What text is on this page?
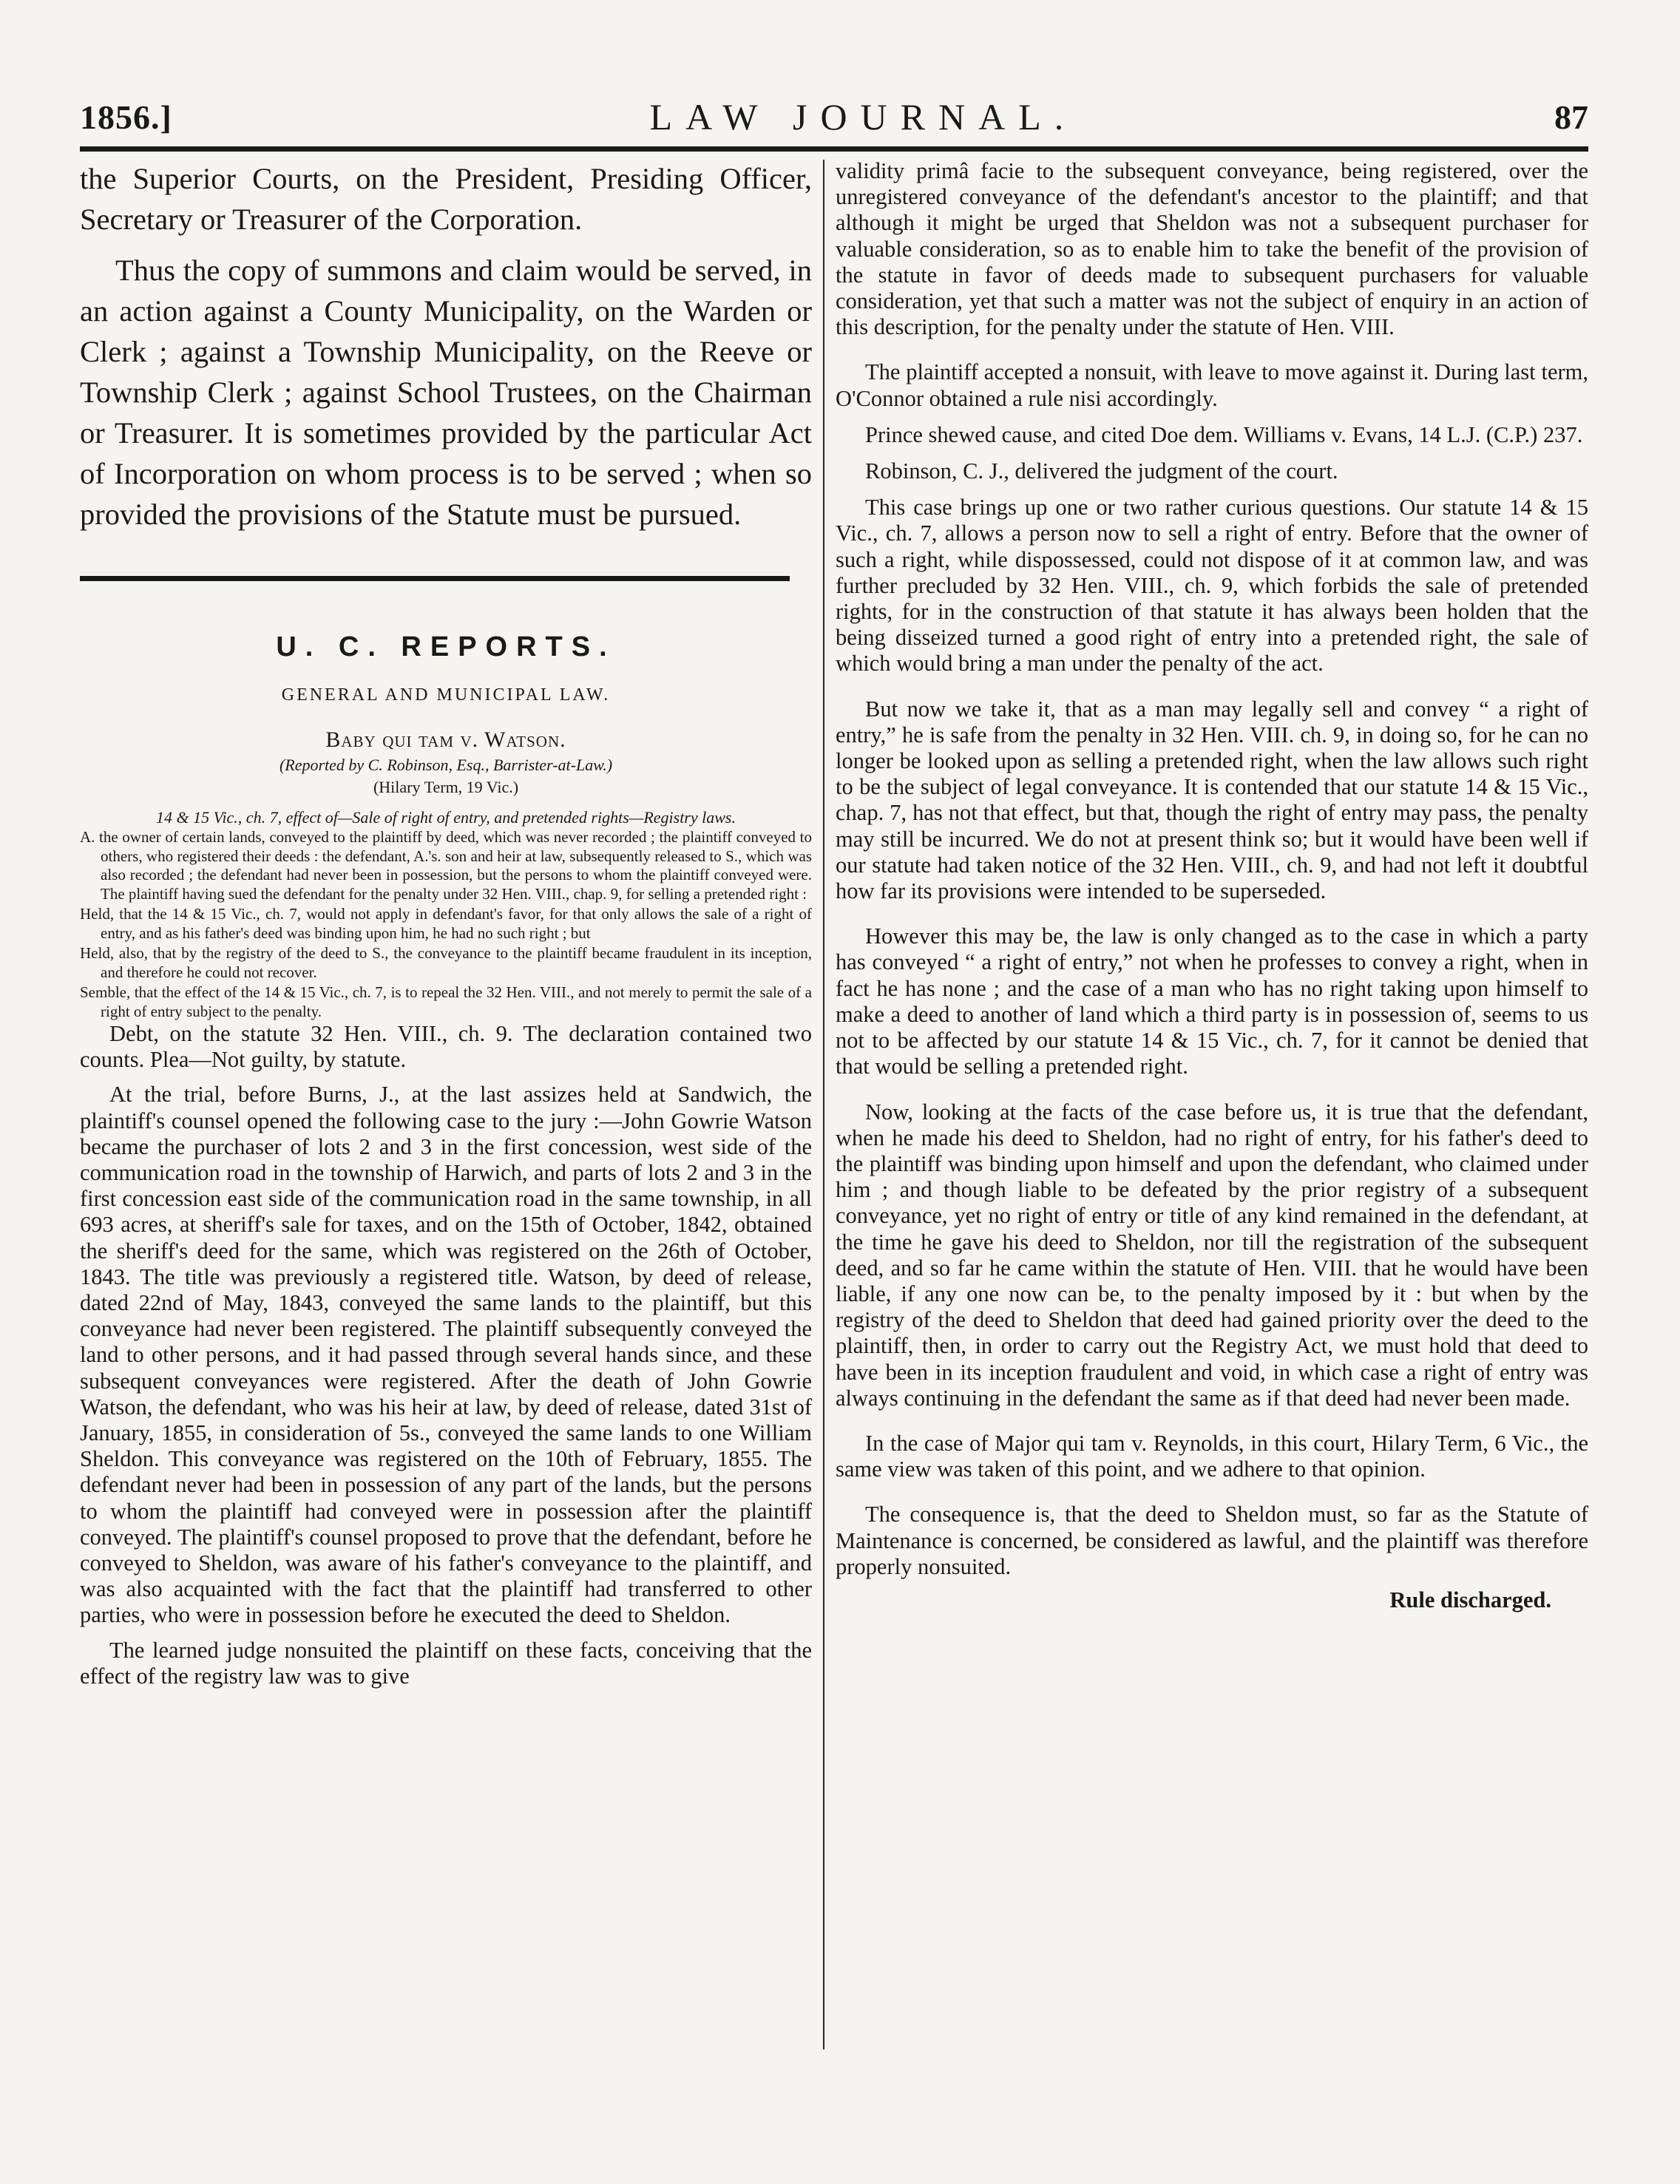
1856.]	LAW JOURNAL.	87

the Superior Courts, on the President, Presiding Officer, Secretary or Treasurer of the Corporation.

Thus the copy of summons and claim would be served, in an action against a County Municipality, on the Warden or Clerk ; against a Township Municipality, on the Reeve or Township Clerk ; against School Trustees, on the Chairman or Treasurer. It is sometimes provided by the particular Act of Incorporation on whom process is to be served ; when so provided the provisions of the Statute must be pursued.

U. C. REPORTS.
GENERAL AND MUNICIPAL LAW.
Baby qui tam v. Watson.
(Reported by C. Robinson, Esq., Barrister-at-Law.)
(Hilary Term, 19 Vic.)
14 & 15 Vic., ch. 7, effect of—Sale of right of entry, and pretended rights—Registry laws.

A. the owner of certain lands, conveyed to the plaintiff by deed, which was never recorded ; the plaintiff conveyed to others, who registered their deeds : the defendant, A.'s. son and heir at law, subsequently released to S., which was also recorded ; the defendant had never been in possession, but the persons to whom the plaintiff conveyed were. The plaintiff having sued the defendant for the penalty under 32 Hen. VIII., chap. 9, for selling a pretended right :

Held, that the 14 & 15 Vic., ch. 7, would not apply in defendant's favor, for that only allows the sale of a right of entry, and as his father's deed was binding upon him, he had no such right ; but

Held, also, that by the registry of the deed to S., the conveyance to the plaintiff became fraudulent in its inception, and therefore he could not recover.

Semble, that the effect of the 14 & 15 Vic., ch. 7, is to repeal the 32 Hen. VIII., and not merely to permit the sale of a right of entry subject to the penalty.

Debt, on the statute 32 Hen. VIII., ch. 9. The declaration contained two counts. Plea—Not guilty, by statute.

At the trial, before Burns, J., at the last assizes held at Sandwich, the plaintiff's counsel opened the following case to the jury :—John Gowrie Watson became the purchaser of lots 2 and 3 in the first concession, west side of the communication road in the township of Harwich, and parts of lots 2 and 3 in the first concession east side of the communication road in the same township, in all 693 acres, at sheriff's sale for taxes, and on the 15th of October, 1842, obtained the sheriff's deed for the same, which was registered on the 26th of October, 1843. The title was previously a registered title. Watson, by deed of release, dated 22nd of May, 1843, conveyed the same lands to the plaintiff, but this conveyance had never been registered. The plaintiff subsequently conveyed the land to other persons, and it had passed through several hands since, and these subsequent conveyances were registered. After the death of John Gowrie Watson, the defendant, who was his heir at law, by deed of release, dated 31st of January, 1855, in consideration of 5s., conveyed the same lands to one William Sheldon. This conveyance was registered on the 10th of February, 1855. The defendant never had been in possession of any part of the lands, but the persons to whom the plaintiff had conveyed were in possession after the plaintiff conveyed. The plaintiff's counsel proposed to prove that the defendant, before he conveyed to Sheldon, was aware of his father's conveyance to the plaintiff, and was also acquainted with the fact that the plaintiff had transferred to other parties, who were in possession before he executed the deed to Sheldon.

The learned judge nonsuited the plaintiff on these facts, conceiving that the effect of the registry law was to give

validity primâ facie to the subsequent conveyance, being registered, over the unregistered conveyance of the defendant's ancestor to the plaintiff; and that although it might be urged that Sheldon was not a subsequent purchaser for valuable consideration, so as to enable him to take the benefit of the provision of the statute in favor of deeds made to subsequent purchasers for valuable consideration, yet that such a matter was not the subject of enquiry in an action of this description, for the penalty under the statute of Hen. VIII.

The plaintiff accepted a nonsuit, with leave to move against it. During last term, O'Connor obtained a rule nisi accordingly.

Prince shewed cause, and cited Doe dem. Williams v. Evans, 14 L.J. (C.P.) 237.

Robinson, C. J., delivered the judgment of the court.

This case brings up one or two rather curious questions. Our statute 14 & 15 Vic., ch. 7, allows a person now to sell a right of entry. Before that the owner of such a right, while dispossessed, could not dispose of it at common law, and was further precluded by 32 Hen. VIII., ch. 9, which forbids the sale of pretended rights, for in the construction of that statute it has always been holden that the being disseized turned a good right of entry into a pretended right, the sale of which would bring a man under the penalty of the act.

But now we take it, that as a man may legally sell and convey “ a right of entry,” he is safe from the penalty in 32 Hen. VIII. ch. 9, in doing so, for he can no longer be looked upon as selling a pretended right, when the law allows such right to be the subject of legal conveyance. It is contended that our statute 14 & 15 Vic., chap. 7, has not that effect, but that, though the right of entry may pass, the penalty may still be incurred. We do not at present think so; but it would have been well if our statute had taken notice of the 32 Hen. VIII., ch. 9, and had not left it doubtful how far its provisions were intended to be superseded.

However this may be, the law is only changed as to the case in which a party has conveyed “ a right of entry,” not when he professes to convey a right, when in fact he has none ; and the case of a man who has no right taking upon himself to make a deed to another of land which a third party is in possession of, seems to us not to be affected by our statute 14 & 15 Vic., ch. 7, for it cannot be denied that that would be selling a pretended right.

Now, looking at the facts of the case before us, it is true that the defendant, when he made his deed to Sheldon, had no right of entry, for his father's deed to the plaintiff was binding upon himself and upon the defendant, who claimed under him ; and though liable to be defeated by the prior registry of a subsequent conveyance, yet no right of entry or title of any kind remained in the defendant, at the time he gave his deed to Sheldon, nor till the registration of the subsequent deed, and so far he came within the statute of Hen. VIII. that he would have been liable, if any one now can be, to the penalty imposed by it : but when by the registry of the deed to Sheldon that deed had gained priority over the deed to the plaintiff, then, in order to carry out the Registry Act, we must hold that deed to have been in its inception fraudulent and void, in which case a right of entry was always continuing in the defendant the same as if that deed had never been made.

In the case of Major qui tam v. Reynolds, in this court, Hilary Term, 6 Vic., the same view was taken of this point, and we adhere to that opinion.

The consequence is, that the deed to Sheldon must, so far as the Statute of Maintenance is concerned, be considered as lawful, and the plaintiff was therefore properly nonsuited.

Rule discharged.
